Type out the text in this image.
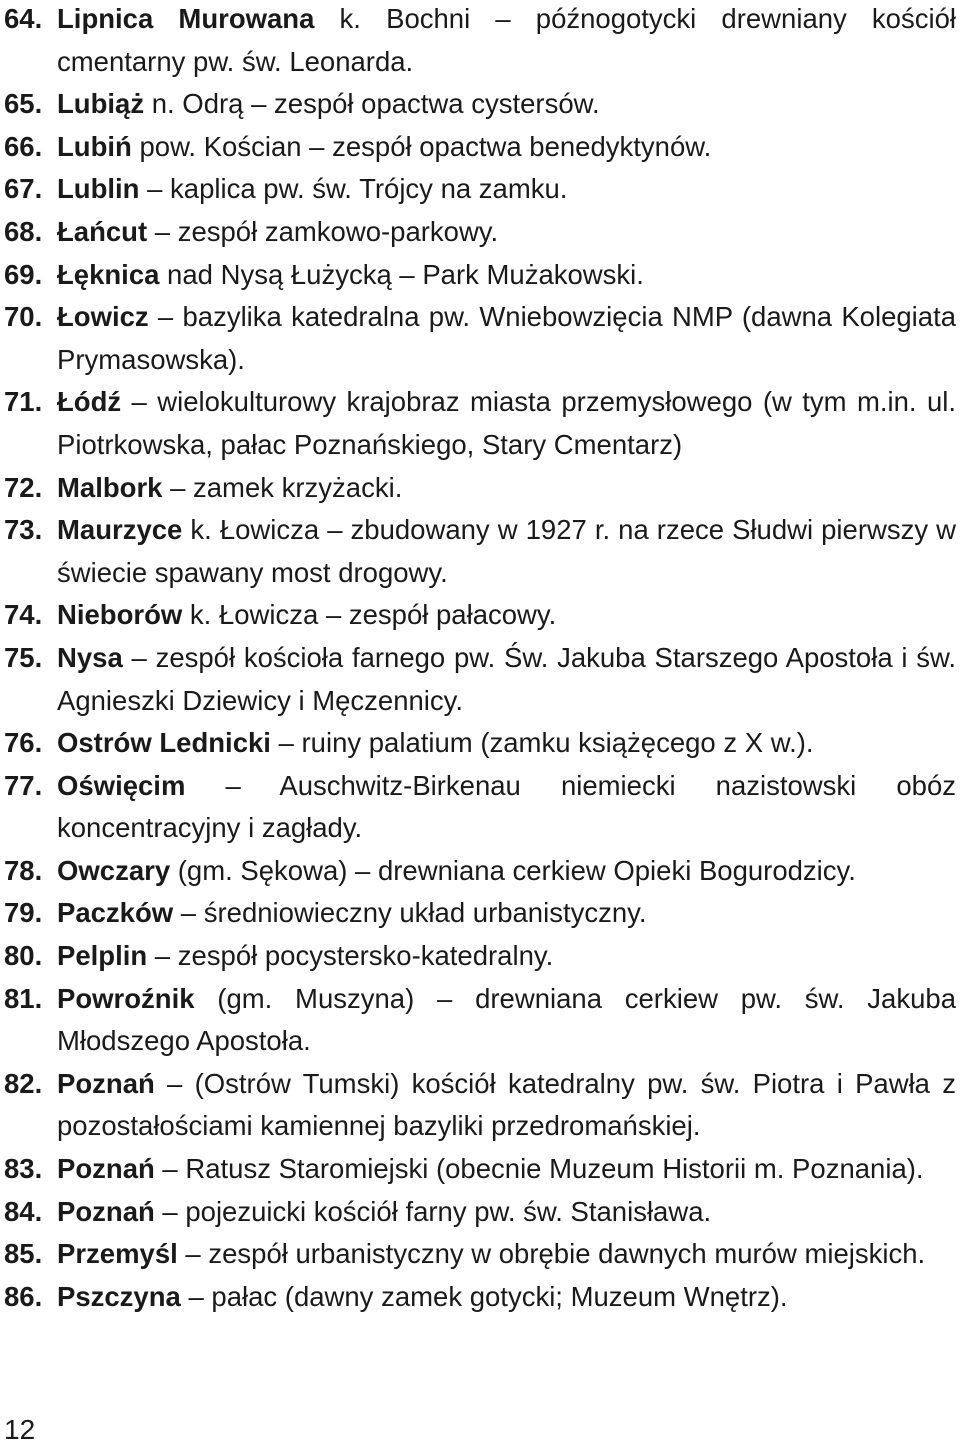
64. Lipnica Murowana k. Bochni – późnogotycki drewniany kościół cmentarny pw. św. Leonarda.
65. Lubiąż n. Odrą – zespół opactwa cystersów.
66. Lubiń pow. Kościan – zespół opactwa benedyktynów.
67. Lublin – kaplica pw. św. Trójcy na zamku.
68. Łańcut – zespół zamkowo-parkowy.
69. Łęknica nad Nysą Łużycką – Park Mużakowski.
70. Łowicz – bazylika katedralna pw. Wniebowzięcia NMP (dawna Kolegiata Prymasowska).
71. Łódź – wielokulturowy krajobraz miasta przemysłowego (w tym m.in. ul. Piotrkowska, pałac Poznańskiego, Stary Cmentarz)
72. Malbork – zamek krzyżacki.
73. Maurzyce k. Łowicza – zbudowany w 1927 r. na rzece Słudwi pierwszy w świecie spawany most drogowy.
74. Nieborów k. Łowicza – zespół pałacowy.
75. Nysa – zespół kościoła farnego pw. Św. Jakuba Starszego Apostoła i św. Agnieszki Dziewicy i Męczennicy.
76. Ostrów Lednicki – ruiny palatium (zamku książęcego z X w.).
77. Oświęcim – Auschwitz-Birkenau niemiecki nazistowski obóz koncentracyjny i zagłady.
78. Owczary (gm. Sękowa) – drewniana cerkiew Opieki Bogurodzicy.
79. Paczków – średniowieczny układ urbanistyczny.
80. Pelplin – zespół pocystersko-katedralny.
81. Powroźnik (gm. Muszyna) – drewniana cerkiew pw. św. Jakuba Młodszego Apostoła.
82. Poznań – (Ostrów Tumski) kościół katedralny pw. św. Piotra i Pawła z pozostałościami kamiennej bazyliki przedromańskiej.
83. Poznań – Ratusz Staromiejski (obecnie Muzeum Historii m. Poznania).
84. Poznań – pojezuicki kościół farny pw. św. Stanisława.
85. Przemyśl – zespół urbanistyczny w obrębie dawnych murów miejskich.
86. Pszczyna – pałac (dawny zamek gotycki; Muzeum Wnętrz).
12
